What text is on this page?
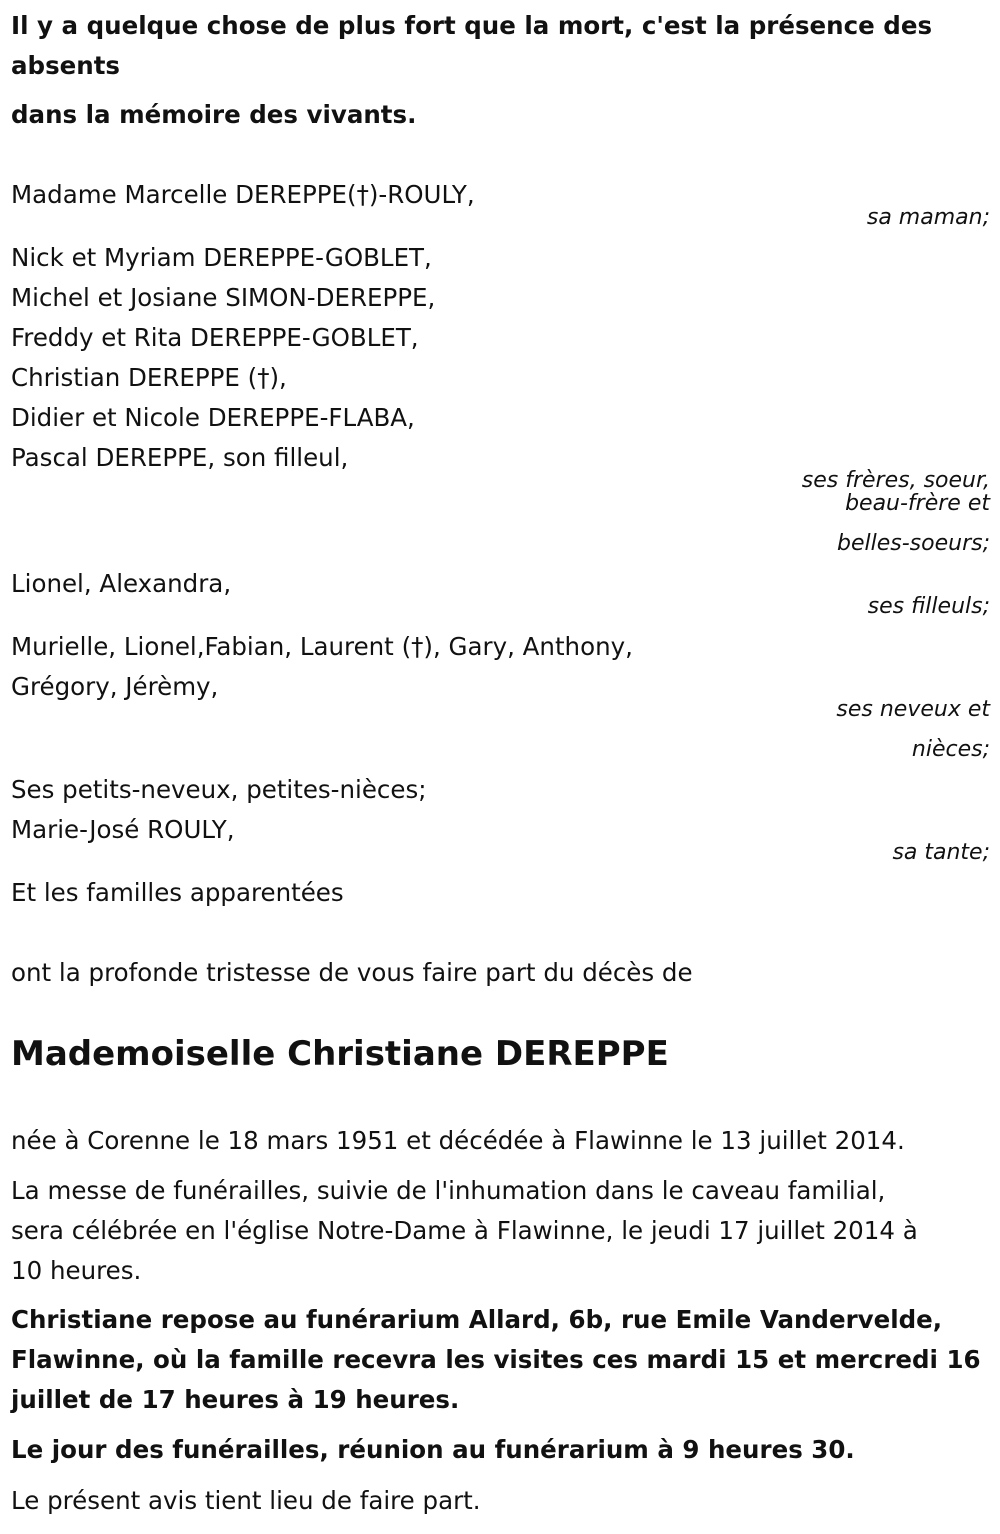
Il y a quelque chose de plus fort que la mort, c'est la présence des
absents
dans la mémoire des vivants.
Madame Marcelle DEREPPE(†)-ROULY,
sa maman;
Nick et Myriam DEREPPE-GOBLET,
Michel et Josiane SIMON-DEREPPE,
Freddy et Rita DEREPPE-GOBLET,
Christian DEREPPE (†),
Didier et Nicole DEREPPE-FLABA,
Pascal DEREPPE, son filleul,
ses frères, soeur,
beau-frère et
belles-soeurs;
Lionel, Alexandra,
ses filleuls;
Murielle, Lionel,Fabian, Laurent (†), Gary, Anthony,
Grégory, Jérèmy,
ses neveux et
nièces;
Ses petits-neveux, petites-nièces;
Marie-José ROULY,
sa tante;
Et les familles apparentées
ont la profonde tristesse de vous faire part du décès de
Mademoiselle Christiane DEREPPE
née à Corenne le 18 mars 1951 et décédée à Flawinne le 13 juillet 2014.
La messe de funérailles, suivie de l'inhumation dans le caveau familial,
sera célébrée en l'église Notre-Dame à Flawinne, le jeudi 17 juillet 2014 à
10 heures.
Christiane repose au funérarium Allard, 6b, rue Emile Vandervelde,
Flawinne, où la famille recevra les visites ces mardi 15 et mercredi 16
juillet de 17 heures à 19 heures.
Le jour des funérailles, réunion au funérarium à 9 heures 30.
Le présent avis tient lieu de faire part.
